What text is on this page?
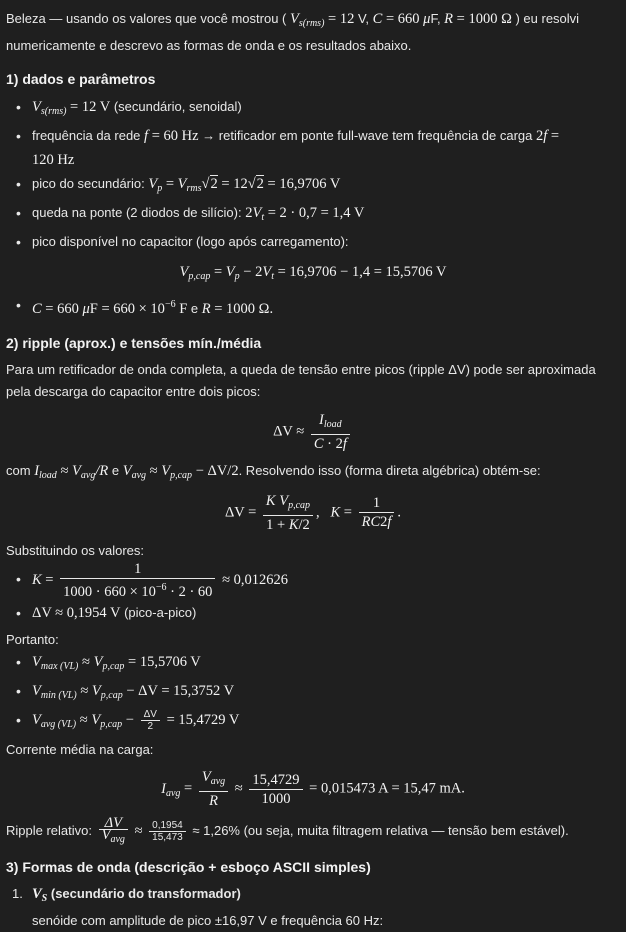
Beleza — usando os valores que você mostrou ( $V_{s(rms)} = 12$ V, C = 660 μF, R = 1000 Ω ) eu resolvi numericamente e descrevo as formas de onda e os resultados abaixo.

1) dados e parâmetros
• $V_{s(rms)} = 12$ V (secundário, senoidal)
• frequência da rede f = 60 Hz → retificador em ponte full-wave tem frequência de carga 2f =
120 Hz
• pico do secundário: $V_p = V_{rms}√2 = 12√2 = 16,9706$ V
• queda na ponte (2 diodos de silício): $2V_t = 2 \cdot 0,7 = 1,4$ V
• pico disponível no capacitor (logo após carregamento):
$V_{p,cap} = V_p - 2V_t = 16,9706 - 1,4 = 15,5706$ V
• C = 660 $\mu F = 660 \times 10^{-6}$ F e R = 1000 Ω.
2) ripple (aprox.) e tensões mín./média

Para um retificador de onda completa, a queda de tensão entre picos (ripple ΔV) pode ser aproximada pela descarga do capacitor entre dois picos:

$\Delta V \approx \frac{I_{load}}{C \cdot 2f}$

com $I_{load} \approx V_{avg}/R$ e $V_{avg} \approx V_{p,cap} - \Delta V/2$. Resolvendo isso (forma direta algébrica) obtém-se:

$\Delta V = \frac{K V_{p,cap}}{1 + K/2}$ , $K = \frac{1}{RC2f}$ .

Substituindo os valores:

• $K = \frac{1}{1000 \cdot 660 \times 10^{-6} \cdot 2 \cdot 60} \approx 0,012626$
• ΔV ≈ 0,1954 V (pico-a-pico)

Portanto:

• $V_{max (VL)} \approx V_{p,cap} = 15,5706$ V
• $V_{min (VL)} \approx V_{p,cap} - \Delta V = 15,3752$ V
• $V_{avg (VL)} \approx V_{p,cap} - \frac{\Delta V}{2} = 15,4729$ V

Corrente média na carga:

$I_{avg} = \frac{V_{avg}}{R} \approx \frac{15,4729}{1000} = 0,015473$ A = 15,47 mA.

Ripple relativo: $\frac{\Delta V}{V_{avg}} \approx \frac{0,1954}{15,473} \approx 1,26\%$ (ou seja, muita filtragem relativa — tensão bem estável).

3) Formas de onda (descrição + esboço ASCII simples)
1. $V_S$ (secundário do transformador)
senóide com amplitude de pico ±16,97 V e frequência 60 Hz:
